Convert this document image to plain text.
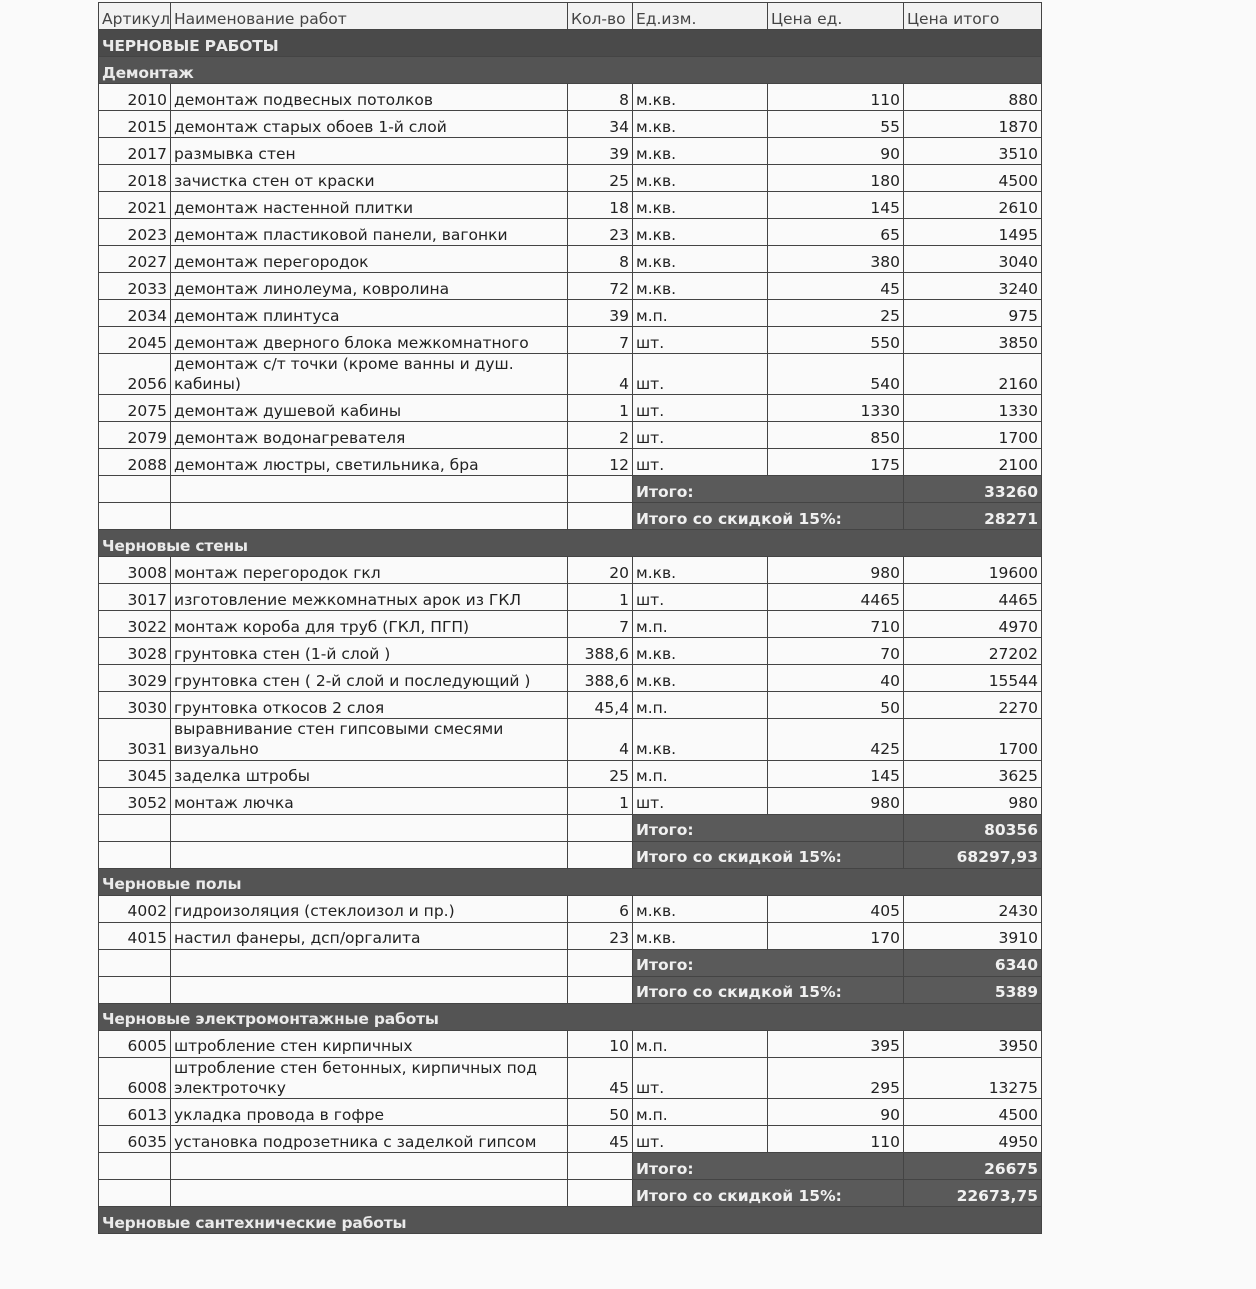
Артикул	Наименование работ	Кол-во	Ед.изм.	Цена ед.	Цена итого
ЧЕРНОВЫЕ РАБОТЫ					
Демонтаж					
2010	демонтаж подвесных потолков	8	м.кв.	110	880
2015	демонтаж старых обоев 1-й слой	34	м.кв.	55	1870
2017	размывка стен	39	м.кв.	90	3510
2018	зачистка стен от краски	25	м.кв.	180	4500
2021	демонтаж настенной плитки	18	м.кв.	145	2610
2023	демонтаж пластиковой панели, вагонки	23	м.кв.	65	1495
2027	демонтаж перегородок	8	м.кв.	380	3040
2033	демонтаж линолеума, ковролина	72	м.кв.	45	3240
2034	демонтаж плинтуса	39	м.п.	25	975
2045	демонтаж дверного блока межкомнатного	7	шт.	550	3850
2056	демонтаж с/т точки (кроме ванны и душ. кабины)	4	шт.	540	2160
2075	демонтаж душевой кабины	1	шт.	1330	1330
2079	демонтаж водонагревателя	2	шт.	850	1700
2088	демонтаж люстры, светильника, бра	12	шт.	175	2100
			Итого:		33260
			Итого со скидкой 15%:		28271
Черновые стены					
3008	монтаж перегородок гкл	20	м.кв.	980	19600
3017	изготовление межкомнатных арок из ГКЛ	1	шт.	4465	4465
3022	монтаж короба для труб (ГКЛ, ПГП)	7	м.п.	710	4970
3028	грунтовка стен (1-й слой )	388,6	м.кв.	70	27202
3029	грунтовка стен ( 2-й слой и последующий )	388,6	м.кв.	40	15544
3030	грунтовка откосов 2 слоя	45,4	м.п.	50	2270
3031	выравнивание стен гипсовыми смесями визуально	4	м.кв.	425	1700
3045	заделка штробы	25	м.п.	145	3625
3052	монтаж лючка	1	шт.	980	980
			Итого:		80356
			Итого со скидкой 15%:		68297,93
Черновые полы					
4002	гидроизоляция (стеклоизол и пр.)	6	м.кв.	405	2430
4015	настил фанеры, дсп/оргалита	23	м.кв.	170	3910
			Итого:		6340
			Итого со скидкой 15%:		5389
Черновые электромонтажные работы					
6005	штробление стен кирпичных	10	м.п.	395	3950
6008	штробление стен бетонных, кирпичных под электроточку	45	шт.	295	13275
6013	укладка провода в гофре	50	м.п.	90	4500
6035	установка подрозетника с заделкой гипсом	45	шт.	110	4950
			Итого:		26675
			Итого со скидкой 15%:		22673,75
Черновые сантехнические работы					
